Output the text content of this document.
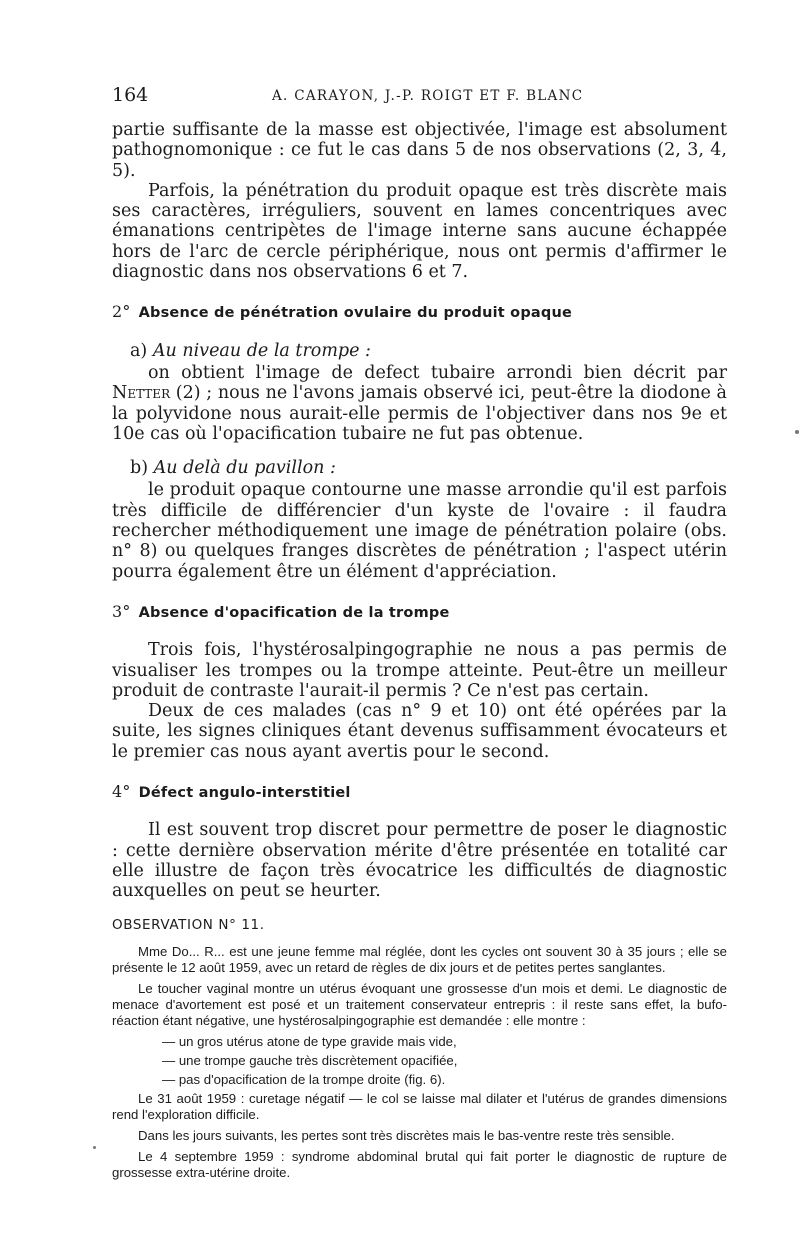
164	A. CARAYON, J.-P. ROIGT ET F. BLANC

partie suffisante de la masse est objectivée, l'image est absolument pathognomonique : ce fut le cas dans 5 de nos observations (2, 3, 4, 5).

Parfois, la pénétration du produit opaque est très discrète mais ses caractères, irréguliers, souvent en lames concentriques avec émanations centripètes de l'image interne sans aucune échappée hors de l'arc de cercle périphérique, nous ont permis d'affirmer le diagnostic dans nos observations 6 et 7.

2° Absence de pénétration ovulaire du produit opaque
a) Au niveau de la trompe :

on obtient l'image de defect tubaire arrondi bien décrit par Netter (2) ; nous ne l'avons jamais observé ici, peut-être la diodone à la polyvidone nous aurait-elle permis de l'objectiver dans nos 9e et 10e cas où l'opacification tubaire ne fut pas obtenue.

b) Au delà du pavillon :

le produit opaque contourne une masse arrondie qu'il est parfois très difficile de différencier d'un kyste de l'ovaire : il faudra rechercher méthodiquement une image de pénétration polaire (obs. n° 8) ou quelques franges discrètes de pénétration ; l'aspect utérin pourra également être un élément d'appréciation.

3° Absence d'opacification de la trompe

Trois fois, l'hystérosalpingographie ne nous a pas permis de visualiser les trompes ou la trompe atteinte. Peut-être un meilleur produit de contraste l'aurait-il permis ? Ce n'est pas certain.

Deux de ces malades (cas n° 9 et 10) ont été opérées par la suite, les signes cliniques étant devenus suffisamment évocateurs et le premier cas nous ayant avertis pour le second.

4° Défect angulo-interstitiel

Il est souvent trop discret pour permettre de poser le diagnostic : cette dernière observation mérite d'être présentée en totalité car elle illustre de façon très évocatrice les difficultés de diagnostic auxquelles on peut se heurter.

OBSERVATION N° 11.

Mme Do... R... est une jeune femme mal réglée, dont les cycles ont souvent 30 à 35 jours ; elle se présente le 12 août 1959, avec un retard de règles de dix jours et de petites pertes sanglantes.

Le toucher vaginal montre un utérus évoquant une grossesse d'un mois et demi. Le diagnostic de menace d'avortement est posé et un traitement conservateur entrepris : il reste sans effet, la bufo-réaction étant négative, une hystérosalpingographie est demandée : elle montre :

— un gros utérus atone de type gravide mais vide,

— une trompe gauche très discrètement opacifiée,

— pas d'opacification de la trompe droite (fig. 6).

Le 31 août 1959 : curetage négatif — le col se laisse mal dilater et l'utérus de grandes dimensions rend l'exploration difficile.

Dans les jours suivants, les pertes sont très discrètes mais le bas-ventre reste très sensible.

Le 4 septembre 1959 : syndrome abdominal brutal qui fait porter le diagnostic de rupture de grossesse extra-utérine droite.
